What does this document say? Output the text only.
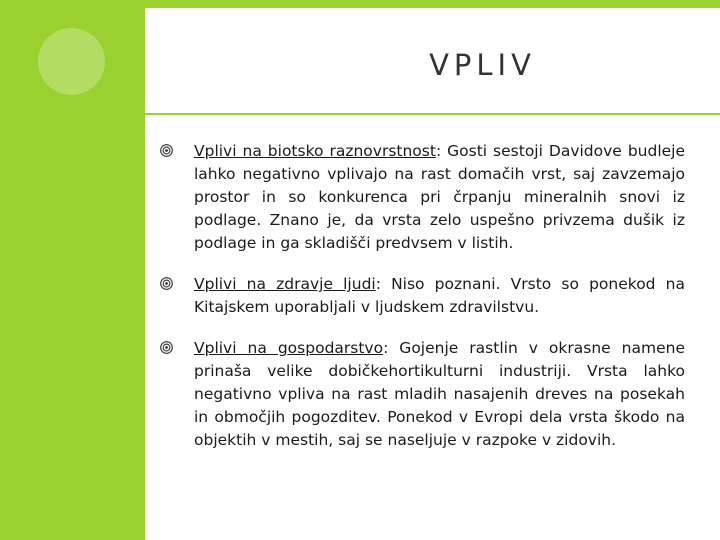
VPLIV

Vplivi na biotsko raznovrstnost: Gosti sestoji Davidove budleje lahko negativno vplivajo na rast domačih vrst, saj zavzemajo prostor in so konkurenca pri črpanju mineralnih snovi iz podlage. Znano je, da vrsta zelo uspešno privzema dušik iz podlage in ga skladišči predvsem v listih.

Vplivi na zdravje ljudi: Niso poznani. Vrsto so ponekod na Kitajskem uporabljali v ljudskem zdravilstvu.

Vplivi na gospodarstvo: Gojenje rastlin v okrasne namene prinaša velike dobičkehortikulturni industriji. Vrsta lahko negativno vpliva na rast mladih nasajenih dreves na posekah in območjih pogozditev. Ponekod v Evropi dela vrsta škodo na objektih v mestih, saj se naseljuje v razpoke v zidovih.
